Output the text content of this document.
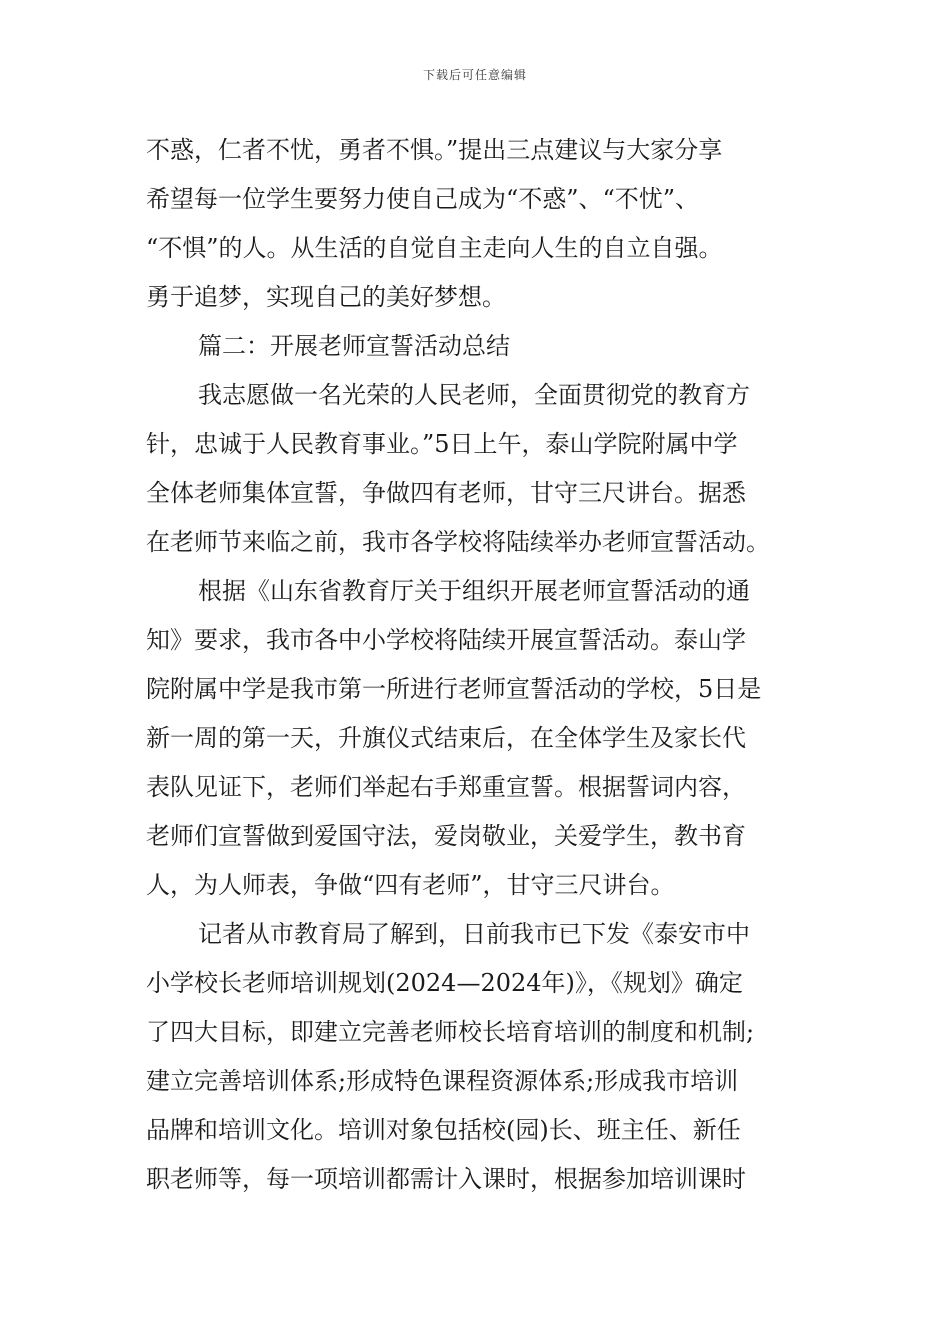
下载后可任意编辑
不惑，仁者不忧，勇者不惧。”提出三点建议与大家分享
希望每一位学生要努力使自己成为“不惑”、“不忧”、
“不惧”的人。从生活的自觉自主走向人生的自立自强。
勇于追梦，实现自己的美好梦想。
篇二：开展老师宣誓活动总结
我志愿做一名光荣的人民老师，全面贯彻党的教育方
针，忠诚于人民教育事业。”5日上午，泰山学院附属中学
全体老师集体宣誓，争做四有老师，甘守三尺讲台。据悉
在老师节来临之前，我市各学校将陆续举办老师宣誓活动。
根据《山东省教育厅关于组织开展老师宣誓活动的通
知》要求，我市各中小学校将陆续开展宣誓活动。泰山学
院附属中学是我市第一所进行老师宣誓活动的学校，5日是
新一周的第一天，升旗仪式结束后，在全体学生及家长代
表队见证下，老师们举起右手郑重宣誓。根据誓词内容，
老师们宣誓做到爱国守法，爱岗敬业，关爱学生，教书育
人，为人师表，争做“四有老师”，甘守三尺讲台。
记者从市教育局了解到，日前我市已下发《泰安市中
小学校长老师培训规划(2024—2024年)》，《规划》确定
了四大目标，即建立完善老师校长培育培训的制度和机制;
建立完善培训体系;形成特色课程资源体系;形成我市培训
品牌和培训文化。培训对象包括校(园)长、班主任、新任
职老师等，每一项培训都需计入课时，根据参加培训课时
